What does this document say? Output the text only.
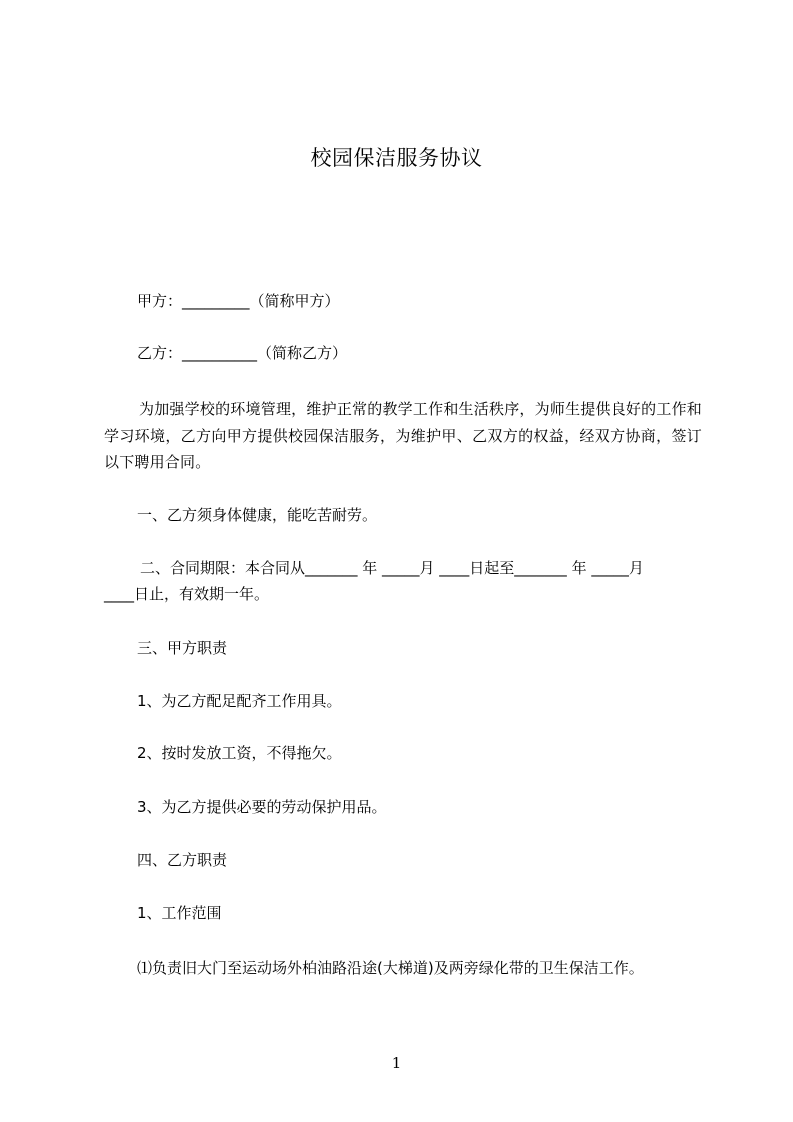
校园保洁服务协议
甲方：_________（简称甲方）
乙方：__________（简称乙方）
为加强学校的环境管理，维护正常的教学工作和生活秩序，为师生提供良好的工作和学习环境，乙方向甲方提供校园保洁服务，为维护甲、乙双方的权益，经双方协商，签订以下聘用合同。
一、乙方须身体健康，能吃苦耐劳。
二、合同期限：本合同从_______ 年 _____月 ____日起至_______ 年 _____月
____日止，有效期一年。
三、甲方职责
1、为乙方配足配齐工作用具。
2、按时发放工资，不得拖欠。
3、为乙方提供必要的劳动保护用品。
四、乙方职责
1、工作范围
⑴负责旧大门至运动场外柏油路沿途(大梯道)及两旁绿化带的卫生保洁工作。
1
